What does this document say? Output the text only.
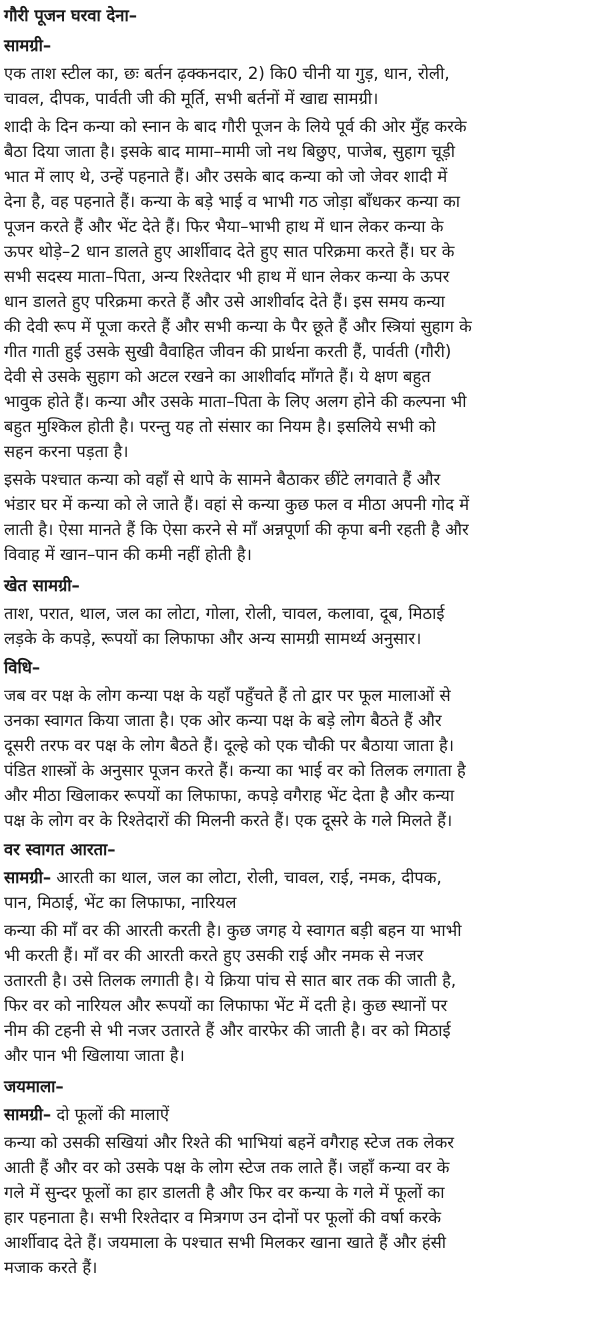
गौरी पूजन घरवा देना–
सामग्री–
एक ताश स्टील का, छः बर्तन ढ़क्कनदार, 2) कि0 चीनी या गुड़, धान, रोली,
चावल, दीपक, पार्वती जी की मूर्ति, सभी बर्तनों में खाद्य सामग्री।
शादी के दिन कन्या को स्नान के बाद गौरी पूजन के लिये पूर्व की ओर मुँह करके
बैठा दिया जाता है। इसके बाद मामा–मामी जो नथ बिछुए, पाजेब, सुहाग चूड़ी
भात में लाए थे, उन्हें पहनाते हैं। और उसके बाद कन्या को जो जेवर शादी में
देना है, वह पहनाते हैं। कन्या के बड़े भाई व भाभी गठ जोड़ा बाँधकर कन्या का
पूजन करते हैं और भेंट देते हैं। फिर भैया–भाभी हाथ में धान लेकर कन्या के
ऊपर थोड़े–2 धान डालते हुए आर्शीवाद देते हुए सात परिक्रमा करते हैं। घर के
सभी सदस्य माता–पिता, अन्य रिश्तेदार भी हाथ में धान लेकर कन्या के ऊपर
धान डालते हुए परिक्रमा करते हैं और उसे आशीर्वाद देते हैं। इस समय कन्या
की देवी रूप में पूजा करते हैं और सभी कन्या के पैर छूते हैं और स्त्रियां सुहाग के
गीत गाती हुई उसके सुखी वैवाहित जीवन की प्रार्थना करती हैं, पार्वती (गौरी)
देवी से उसके सुहाग को अटल रखने का आशीर्वाद माँगते हैं। ये क्षण बहुत
भावुक होते हैं। कन्या और उसके माता–पिता के लिए अलग होने की कल्पना भी
बहुत मुश्किल होती है। परन्तु यह तो संसार का नियम है। इसलिये सभी को
सहन करना पड़ता है।
इसके पश्चात कन्या को वहाँ से थापे के सामने बैठाकर छींटे लगवाते हैं और
भंडार घर में कन्या को ले जाते हैं। वहां से कन्या कुछ फल व मीठा अपनी गोद में
लाती है। ऐसा मानते हैं कि ऐसा करने से माँ अन्नपूर्णा की कृपा बनी रहती है और
विवाह में खान–पान की कमी नहीं होती है।
खेत सामग्री–
ताश, परात, थाल, जल का लोटा, गोला, रोली, चावल, कलावा, दूब, मिठाई
लड़के के कपड़े, रूपयों का लिफाफा और अन्य सामग्री सामर्थ्य अनुसार।
विधि–
जब वर पक्ष के लोग कन्या पक्ष के यहाँ पहुँचते हैं तो द्वार पर फूल मालाओं से
उनका स्वागत किया जाता है। एक ओर कन्या पक्ष के बड़े लोग बैठते हैं और
दूसरी तरफ वर पक्ष के लोग बैठते हैं। दूल्हे को एक चौकी पर बैठाया जाता है।
पंडित शास्त्रों के अनुसार पूजन करते हैं। कन्या का भाई वर को तिलक लगाता है
और मीठा खिलाकर रूपयों का लिफाफा, कपड़े वगैराह भेंट देता है और कन्या
पक्ष के लोग वर के रिश्तेदारों की मिलनी करते हैं। एक दूसरे के गले मिलते हैं।
वर स्वागत आरता–
सामग्री– आरती का थाल, जल का लोटा, रोली, चावल, राई, नमक, दीपक,
पान, मिठाई, भेंट का लिफाफा, नारियल
कन्या की माँ वर की आरती करती है। कुछ जगह ये स्वागत बड़ी बहन या भाभी
भी करती हैं। माँ वर की आरती करते हुए उसकी राई और नमक से नजर
उतारती है। उसे तिलक लगाती है। ये क्रिया पांच से सात बार तक की जाती है,
फिर वर को नारियल और रूपयों का लिफाफा भेंट में दती हे। कुछ स्थानों पर
नीम की टहनी से भी नजर उतारते हैं और वारफेर की जाती है। वर को मिठाई
और पान भी खिलाया जाता है।
जयमाला–
सामग्री– दो फूलों की मालाऐं
कन्या को उसकी सखियां और रिश्ते की भाभियां बहनें वगैराह स्टेज तक लेकर
आती हैं और वर को उसके पक्ष के लोग स्टेज तक लाते हैं। जहाँ कन्या वर के
गले में सुन्दर फूलों का हार डालती है और फिर वर कन्या के गले में फूलों का
हार पहनाता है। सभी रिश्तेदार व मित्रगण उन दोनों पर फूलों की वर्षा करके
आर्शीवाद देते हैं। जयमाला के पश्चात सभी मिलकर खाना खाते हैं और हंसी
मजाक करते हैं।
